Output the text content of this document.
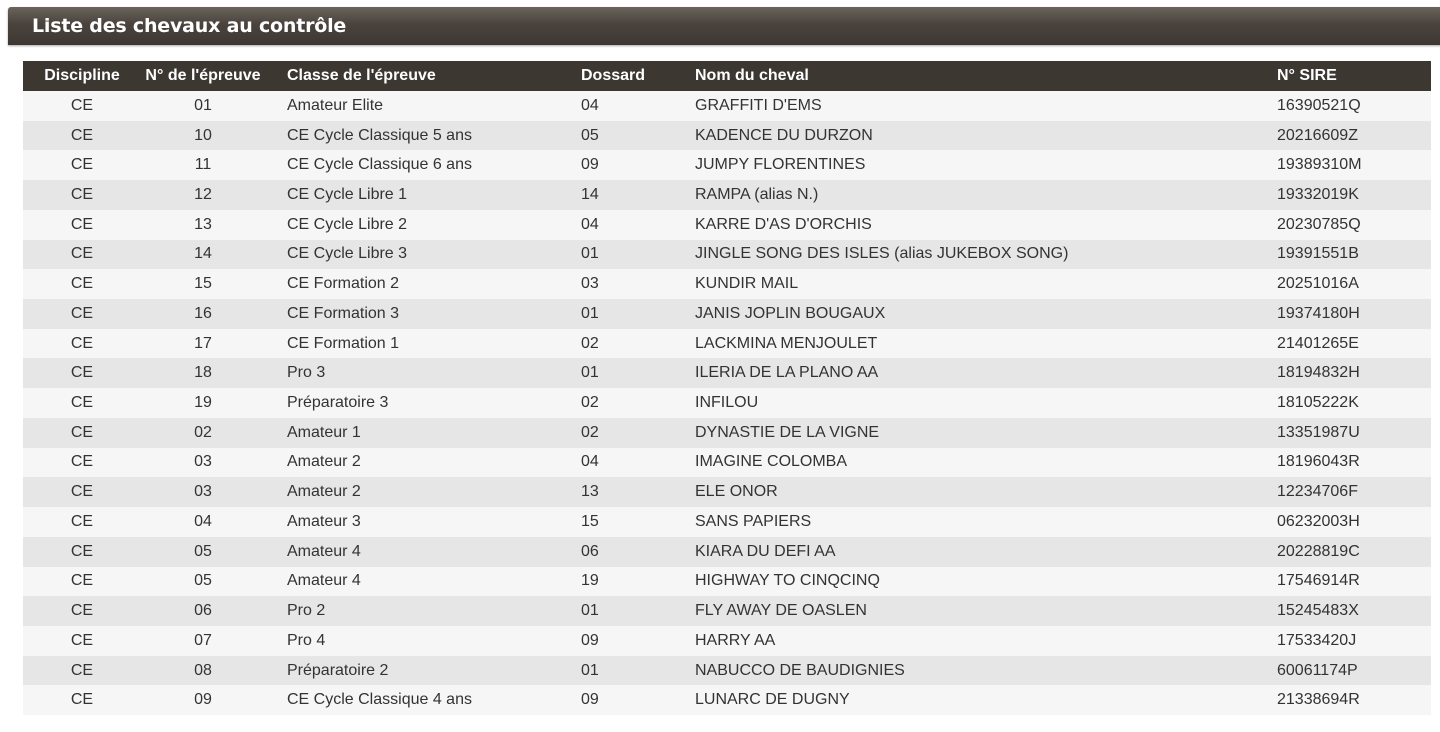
Liste des chevaux au contrôle
Discipline	N° de l'épreuve	Classe de l'épreuve	Dossard	Nom du cheval	N° SIRE
CE	01	Amateur Elite	04	GRAFFITI D'EMS	16390521Q
CE	10	CE Cycle Classique 5 ans	05	KADENCE DU DURZON	20216609Z
CE	11	CE Cycle Classique 6 ans	09	JUMPY FLORENTINES	19389310M
CE	12	CE Cycle Libre 1	14	RAMPA (alias N.)	19332019K
CE	13	CE Cycle Libre 2	04	KARRE D'AS D'ORCHIS	20230785Q
CE	14	CE Cycle Libre 3	01	JINGLE SONG DES ISLES (alias JUKEBOX SONG)	19391551B
CE	15	CE Formation 2	03	KUNDIR MAIL	20251016A
CE	16	CE Formation 3	01	JANIS JOPLIN BOUGAUX	19374180H
CE	17	CE Formation 1	02	LACKMINA MENJOULET	21401265E
CE	18	Pro 3	01	ILERIA DE LA PLANO AA	18194832H
CE	19	Préparatoire 3	02	INFILOU	18105222K
CE	02	Amateur 1	02	DYNASTIE DE LA VIGNE	13351987U
CE	03	Amateur 2	04	IMAGINE COLOMBA	18196043R
CE	03	Amateur 2	13	ELE ONOR	12234706F
CE	04	Amateur 3	15	SANS PAPIERS	06232003H
CE	05	Amateur 4	06	KIARA DU DEFI AA	20228819C
CE	05	Amateur 4	19	HIGHWAY TO CINQCINQ	17546914R
CE	06	Pro 2	01	FLY AWAY DE OASLEN	15245483X
CE	07	Pro 4	09	HARRY AA	17533420J
CE	08	Préparatoire 2	01	NABUCCO DE BAUDIGNIES	60061174P
CE	09	CE Cycle Classique 4 ans	09	LUNARC DE DUGNY	21338694R
